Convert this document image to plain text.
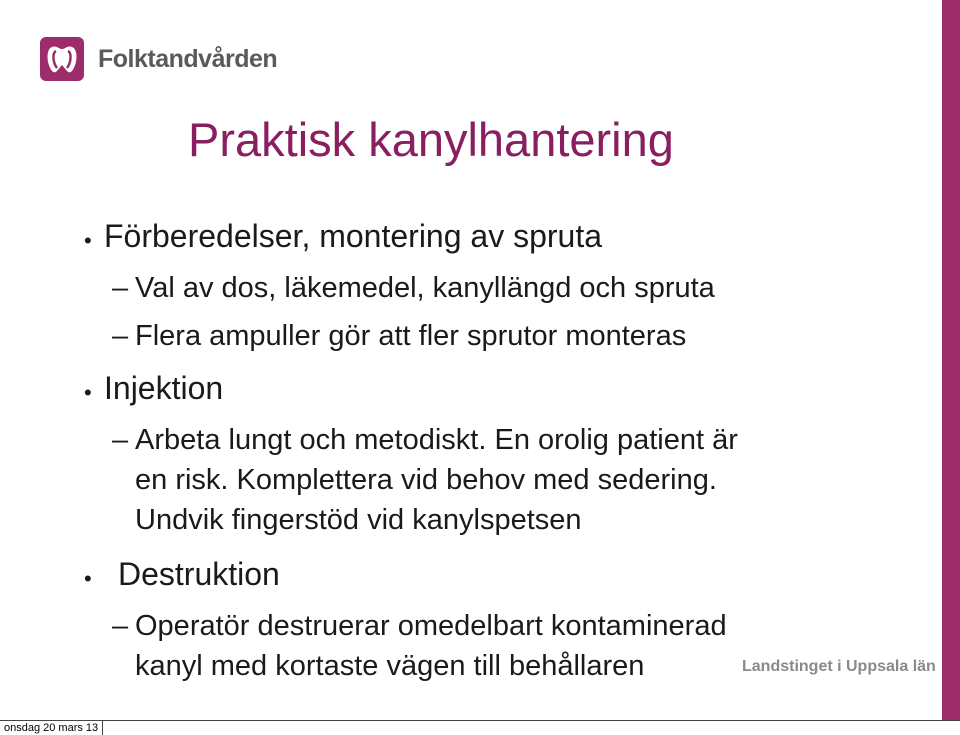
Folktandvården
Praktisk kanylhantering
• Förberedelser, montering av spruta
– Val av dos, läkemedel, kanyllängd och spruta
– Flera ampuller gör att fler sprutor monteras
• Injektion
– Arbeta lungt och metodiskt. En orolig patient är
en risk. Komplettera vid behov med sedering.
Undvik fingerstöd vid kanylspetsen
• Destruktion
– Operatör destruerar omedelbart kontaminerad
kanyl med kortaste vägen till behållaren	Landstinget i Uppsala län
onsdag 20 mars 13
